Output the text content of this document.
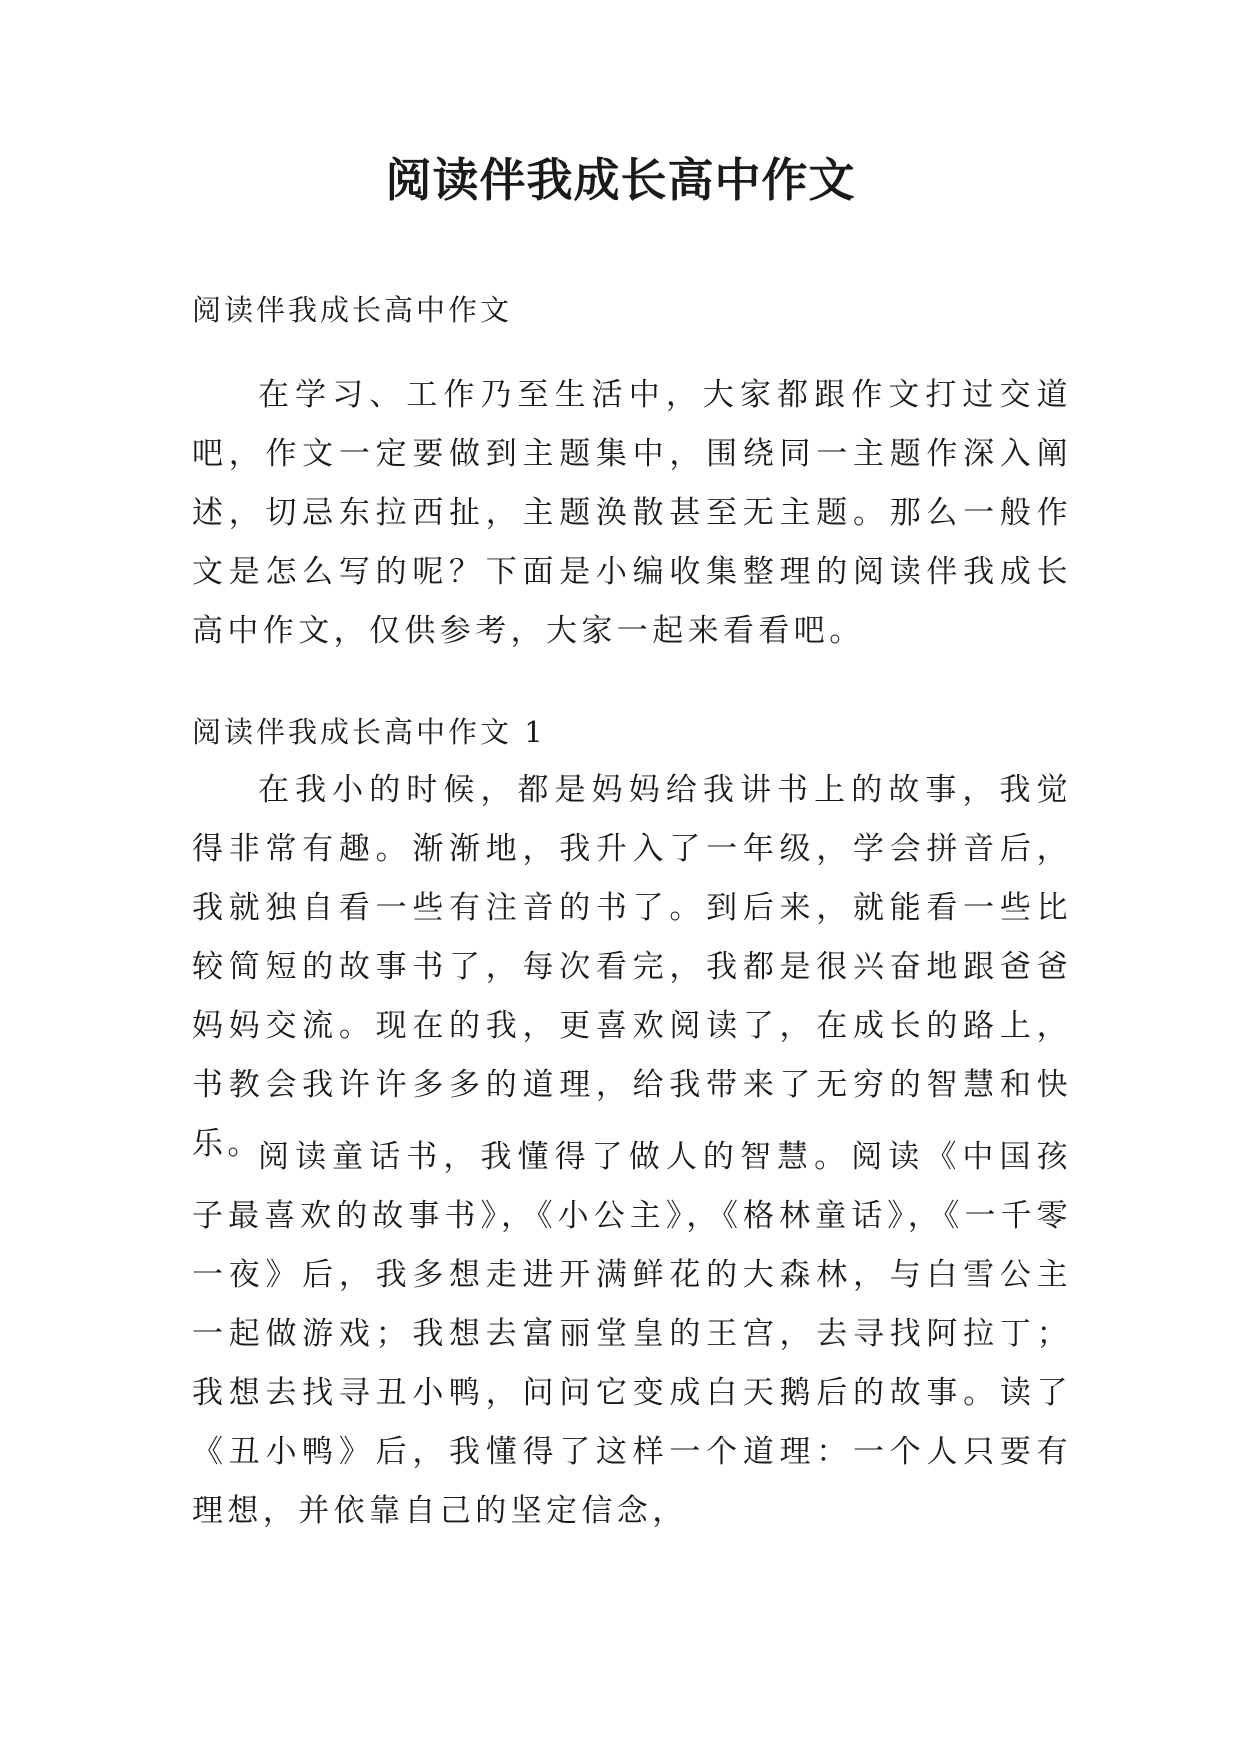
阅读伴我成长高中作文

阅读伴我成长高中作文

在学习、工作乃至生活中，大家都跟作文打过交道吧，作文一定要做到主题集中，围绕同一主题作深入阐述，切忌东拉西扯，主题涣散甚至无主题。那么一般作文是怎么写的呢？下面是小编收集整理的阅读伴我成长高中作文，仅供参考，大家一起来看看吧。

阅读伴我成长高中作文 1

在我小的时候，都是妈妈给我讲书上的故事，我觉得非常有趣。渐渐地，我升入了一年级，学会拼音后，我就独自看一些有注音的书了。到后来，就能看一些比较简短的故事书了，每次看完，我都是很兴奋地跟爸爸妈妈交流。现在的我，更喜欢阅读了，在成长的路上，书教会我许许多多的道理，给我带来了无穷的智慧和快乐。

阅读童话书，我懂得了做人的智慧。阅读《中国孩子最喜欢的故事书》，《小公主》，《格林童话》，《一千零一夜》后，我多想走进开满鲜花的大森林，与白雪公主一起做游戏；我想去富丽堂皇的王宫，去寻找阿拉丁；我想去找寻丑小鸭，问问它变成白天鹅后的故事。读了《丑小鸭》后，我懂得了这样一个道理：一个人只要有理想，并依靠自己的坚定信念，
